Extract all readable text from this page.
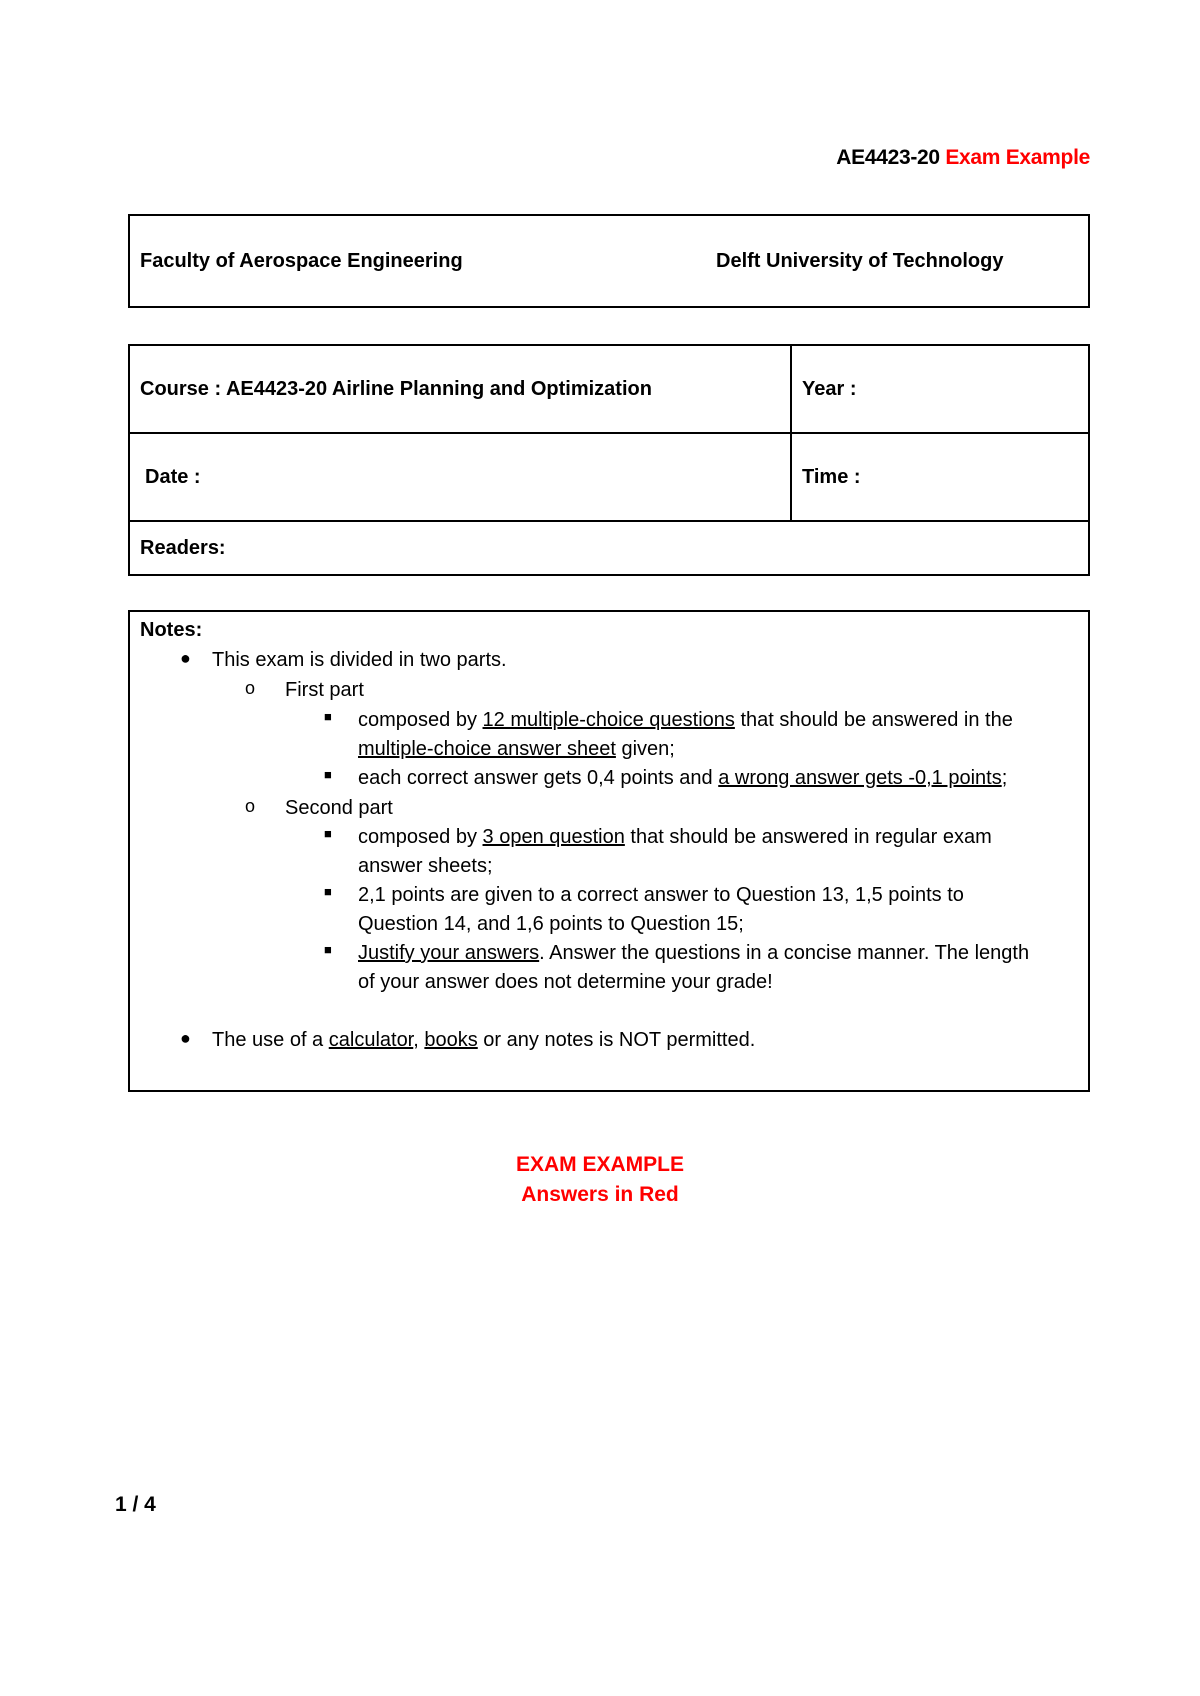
AE4423-20 Exam Example
Faculty of Aerospace Engineering	Delft University of Technology
Course : AE4423-20 Airline Planning and Optimization	Year :
Date :	Time :
Readers:	
Notes:
● This exam is divided in two parts.
o First part
■ composed by 12 multiple-choice questions that should be answered in the
multiple-choice answer sheet given;
■ each correct answer gets 0,4 points and a wrong answer gets -0,1 points;
o Second part
■ composed by 3 open question that should be answered in regular exam
answer sheets;
■ 2,1 points are given to a correct answer to Question 13, 1,5 points to
Question 14, and 1,6 points to Question 15;
■ Justify your answers. Answer the questions in a concise manner. The length
of your answer does not determine your grade!
● The use of a calculator, books or any notes is NOT permitted.
EXAM EXAMPLE
Answers in Red
1 / 4
